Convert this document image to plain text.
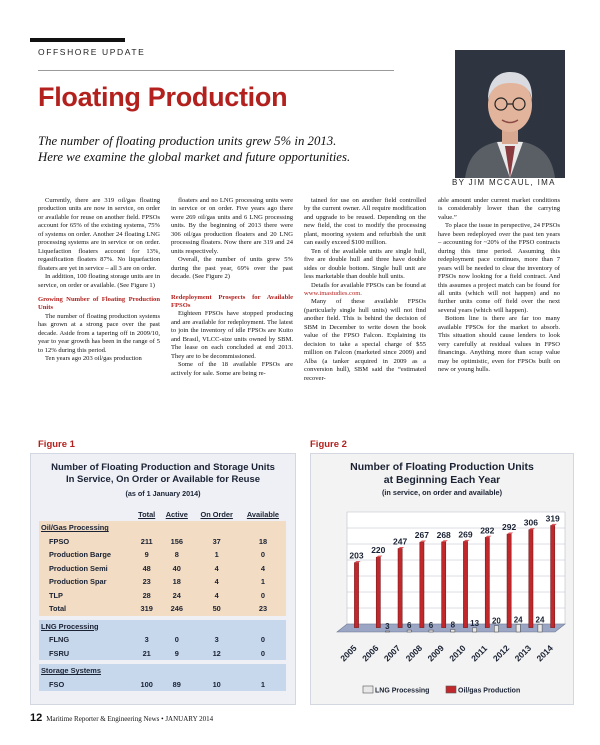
OFFSHORE UPDATE
Floating Production
The number of floating production units grew 5% in 2013.
Here we examine the global market and future opportunities.
BY JIM MCCAUL, IMA

Currently, there are 319 oil/gas floating production units are now in service, on order or available for reuse on another field. FPSOs account for 65% of the existing systems, 75% of systems on order. Another 24 floating LNG processing systems are in service or on order. Liquefaction floaters account for 13%, regasification floaters 87%. No liquefaction floaters are yet in service – all 3 are on order.

In addition, 100 floating storage units are in service, on order or available. (See Figure 1)

Growing Number of Floating Production Units

The number of floating production systems has grown at a strong pace over the past decade. Aside from a tapering off in 2009/10, year to year growth has been in the range of 5 to 12% during this period.

Ten years ago 203 oil/gas production

floaters and no LNG processing units were in service or on order. Five years ago there were 269 oil/gas units and 6 LNG processing units. By the beginning of 2013 there were 306 oil/gas production floaters and 20 LNG processing floaters. Now there are 319 and 24 units respectively.

Overall, the number of units grew 5% during the past year, 69% over the past decade. (See Figure 2)

Redeployment Prospects for Available FPSOs

Eighteen FPSOs have stopped producing and are available for redeployment. The latest to join the inventory of idle FPSOs are Kuito and Brasil, VLCC-size units owned by SBM. The lease on each concluded at end 2013. They are to be decommissioned.

Some of the 18 available FPSOs are actively for sale. Some are being re-

tained for use on another field controlled by the current owner. All require modification and upgrade to be reused. Depending on the new field, the cost to modify the processing plant, mooring system and refurbish the unit can easily exceed $100 million.

Ten of the available units are single hull, five are double hull and three have double sides or double bottom. Single hull unit are less marketable than double hull units.

Details for available FPSOs can be found at www.imastudies.com.

Many of these available FPSOs (particularly single hull units) will not find another field. This is behind the decision of SBM in December to write down the book value of the FPSO Falcon. Explaining its decision to take a special charge of $55 million on Falcon (marketed since 2009) and Alba (a tanker acquired in 2009 as a conversion hull), SBM said the “estimated recover-

able amount under current market conditions is considerably lower than the carrying value.”

To place the issue in perspective, 24 FPSOs have been redeployed over the past ten years – accounting for ~20% of the FPSO contracts during this time period. Assuming this redeployment pace continues, more than 7 years will be needed to clear the inventory of FPSOs now looking for a field contract. And this assumes a project match can be found for all units (which will not happen) and no further units come off field over the next several years (which will happen).

Bottom line is there are far too many available FPSOs for the market to absorb. This situation should cause lenders to look very carefully at residual values in FPSO financings. Anything more than scrap value may be optimistic, even for FPSOs built on new or young hulls.

Figure 1	Figure 2
Number of Floating Production and Storage Units
In Service, On Order or Available for Reuse
(as of 1 January 2014)
	Total	Active	On Order	Available
Oil/Gas Processing				
FPSO	211	156	37	18
Production Barge	9	8	1	0
Production Semi	48	40	4	4
Production Spar	23	18	4	1
TLP	28	24	4	0
Total	319	246	50	23

LNG Processing				
FLNG	3	0	3	0
FSRU	21	9	12	0

Storage Systems				
FSO	100	89	10	1
Number of Floating Production Units
at Beginning Each Year
(in service, on order and available)
203
2005
220
2006
247
3
2007
267
6
2008
268
6
2009
269
8
2010
282
13
2011
292
20
2012
306
24
2013
319
24
2014
LNG Processing	Oil/gas Production
12 Maritime Reporter & Engineering News • JANUARY 2014
